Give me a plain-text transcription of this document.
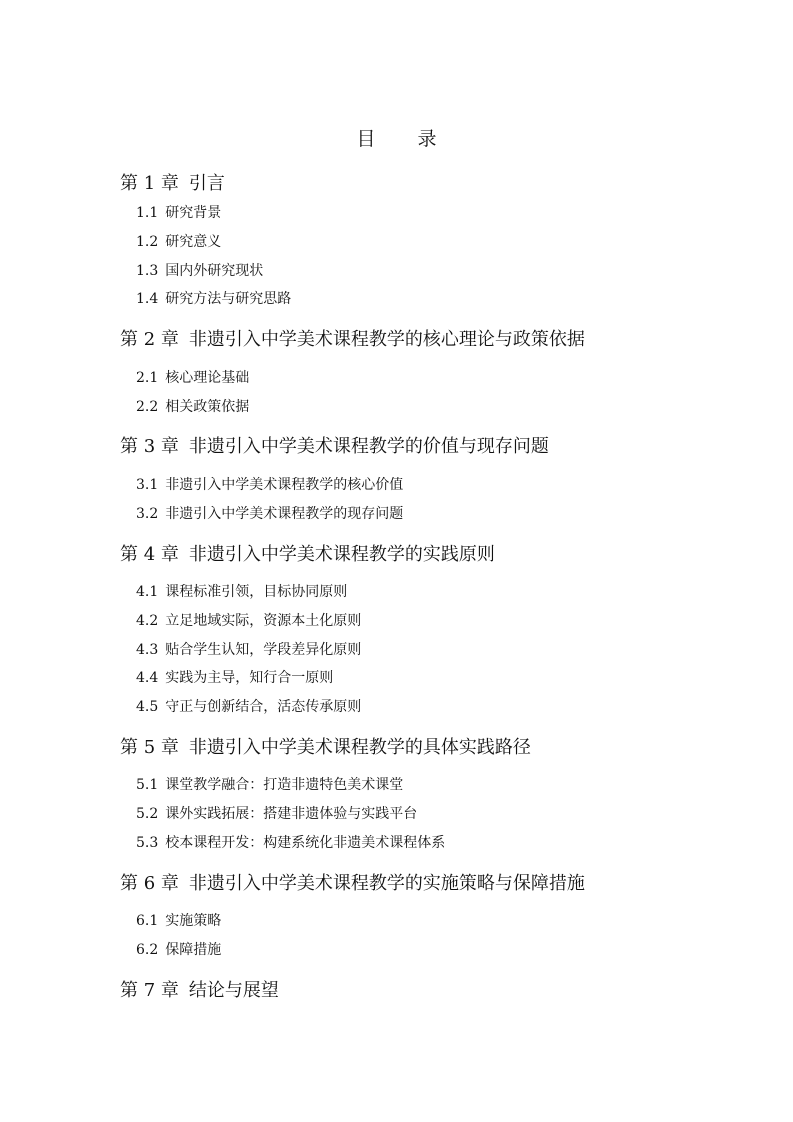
目 录
第 1 章 引言
1.1 研究背景
1.2 研究意义
1.3 国内外研究现状
1.4 研究方法与研究思路
第 2 章 非遗引入中学美术课程教学的核心理论与政策依据
2.1 核心理论基础
2.2 相关政策依据
第 3 章 非遗引入中学美术课程教学的价值与现存问题
3.1 非遗引入中学美术课程教学的核心价值
3.2 非遗引入中学美术课程教学的现存问题
第 4 章 非遗引入中学美术课程教学的实践原则
4.1 课程标准引领，目标协同原则
4.2 立足地域实际，资源本土化原则
4.3 贴合学生认知，学段差异化原则
4.4 实践为主导，知行合一原则
4.5 守正与创新结合，活态传承原则
第 5 章 非遗引入中学美术课程教学的具体实践路径
5.1 课堂教学融合：打造非遗特色美术课堂
5.2 课外实践拓展：搭建非遗体验与实践平台
5.3 校本课程开发：构建系统化非遗美术课程体系
第 6 章 非遗引入中学美术课程教学的实施策略与保障措施
6.1 实施策略
6.2 保障措施
第 7 章 结论与展望
